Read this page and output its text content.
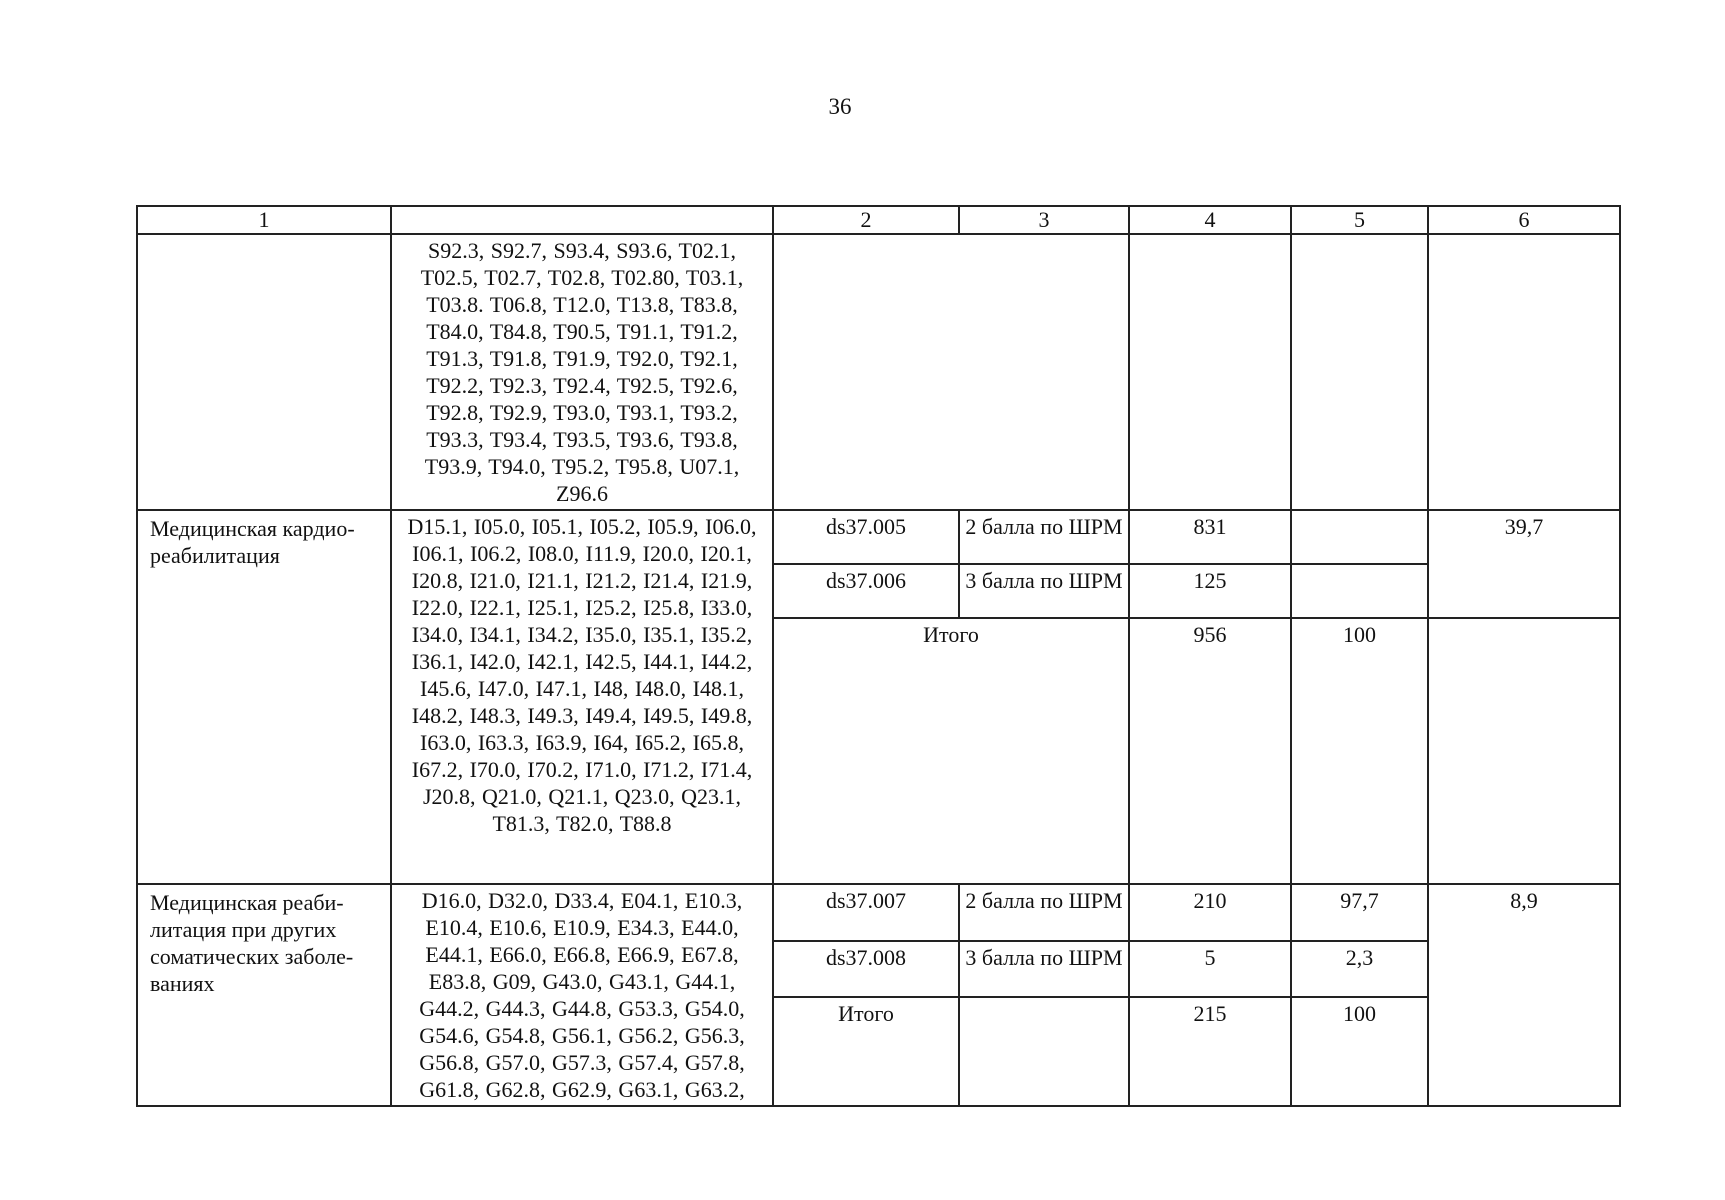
36
1		2	3	4	5	6
	S92.3, S92.7, S93.4, S93.6, T02.1, T02.5, T02.7, T02.8, T02.80, T03.1, T03.8. T06.8, T12.0, T13.8, T83.8, T84.0, T84.8, T90.5, T91.1, T91.2, T91.3, T91.8, T91.9, T92.0, T92.1, T92.2, T92.3, T92.4, T92.5, T92.6, T92.8, T92.9, T93.0, T93.1, T93.2, T93.3, T93.4, T93.5, T93.6, T93.8, T93.9, T94.0, T95.2, T95.8, U07.1, Z96.6					
Медицинская кардио-реабилитация	D15.1, I05.0, I05.1, I05.2, I05.9, I06.0, I06.1, I06.2, I08.0, I11.9, I20.0, I20.1, I20.8, I21.0, I21.1, I21.2, I21.4, I21.9, I22.0, I22.1, I25.1, I25.2, I25.8, I33.0, I34.0, I34.1, I34.2, I35.0, I35.1, I35.2, I36.1, I42.0, I42.1, I42.5, I44.1, I44.2, I45.6, I47.0, I47.1, I48, I48.0, I48.1, I48.2, I48.3, I49.3, I49.4, I49.5, I49.8, I63.0, I63.3, I63.9, I64, I65.2, I65.8, I67.2, I70.0, I70.2, I71.0, I71.2, I71.4, J20.8, Q21.0, Q21.1, Q23.0, Q23.1, T81.3, T82.0, T88.8	ds37.005	2 балла по ШРМ	831		39,7
		ds37.006	3 балла по ШРМ	125		
		Итого		956	100	
Медицинская реаби-литация при других соматических заболе-ваниях	D16.0, D32.0, D33.4, E04.1, E10.3, E10.4, E10.6, E10.9, E34.3, E44.0, E44.1, E66.0, E66.8, E66.9, E67.8, E83.8, G09, G43.0, G43.1, G44.1, G44.2, G44.3, G44.8, G53.3, G54.0, G54.6, G54.8, G56.1, G56.2, G56.3, G56.8, G57.0, G57.3, G57.4, G57.8, G61.8, G62.8, G62.9, G63.1, G63.2,	ds37.007	2 балла по ШРМ	210	97,7	8,9
		ds37.008	3 балла по ШРМ	5	2,3	
		Итого		215	100	
